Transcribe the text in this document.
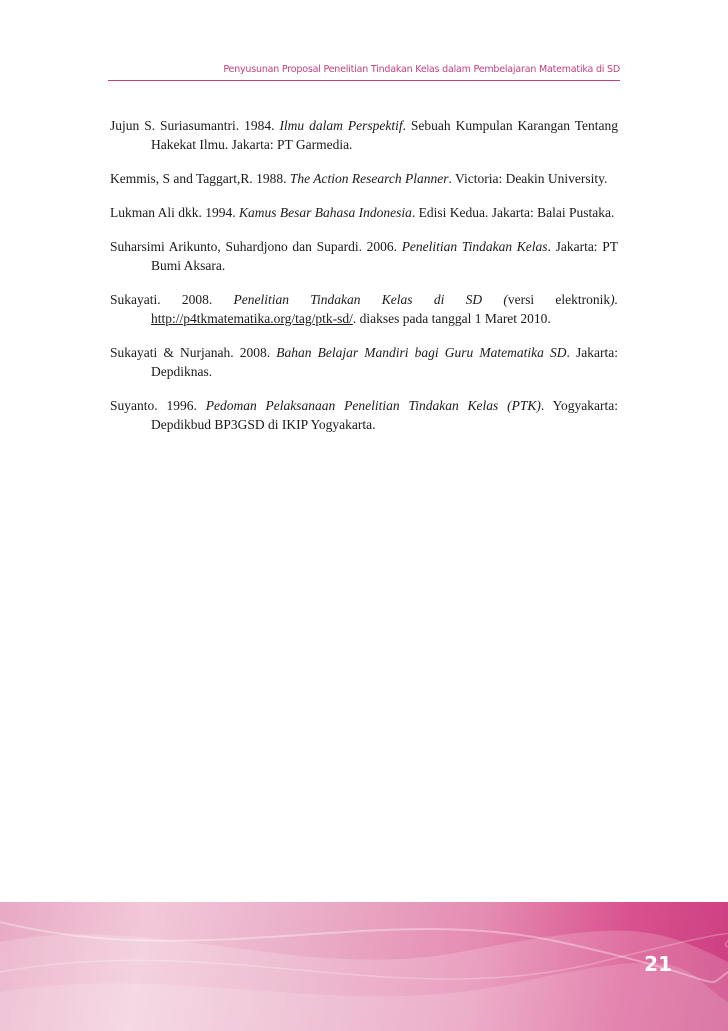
Penyusunan Proposal Penelitian Tindakan Kelas dalam Pembelajaran Matematika di SD

Jujun S. Suriasumantri. 1984. Ilmu dalam Perspektif. Sebuah Kumpulan Karangan Tentang Hakekat Ilmu. Jakarta: PT Garmedia.

Kemmis, S and Taggart,R. 1988. The Action Research Planner. Victoria: Deakin University.

Lukman Ali dkk. 1994. Kamus Besar Bahasa Indonesia. Edisi Kedua. Jakarta: Balai Pustaka.

Suharsimi Arikunto, Suhardjono dan Supardi. 2006. Penelitian Tindakan Kelas. Jakarta: PT Bumi Aksara.

Sukayati. 2008. Penelitian Tindakan Kelas di SD (versi elektronik). http://p4tkmatematika.org/tag/ptk-sd/. diakses pada tanggal 1 Maret 2010.

Sukayati & Nurjanah. 2008. Bahan Belajar Mandiri bagi Guru Matematika SD. Jakarta: Depdiknas.

Suyanto. 1996. Pedoman Pelaksanaan Penelitian Tindakan Kelas (PTK). Yogyakarta: Depdikbud BP3GSD di IKIP Yogyakarta.

21
